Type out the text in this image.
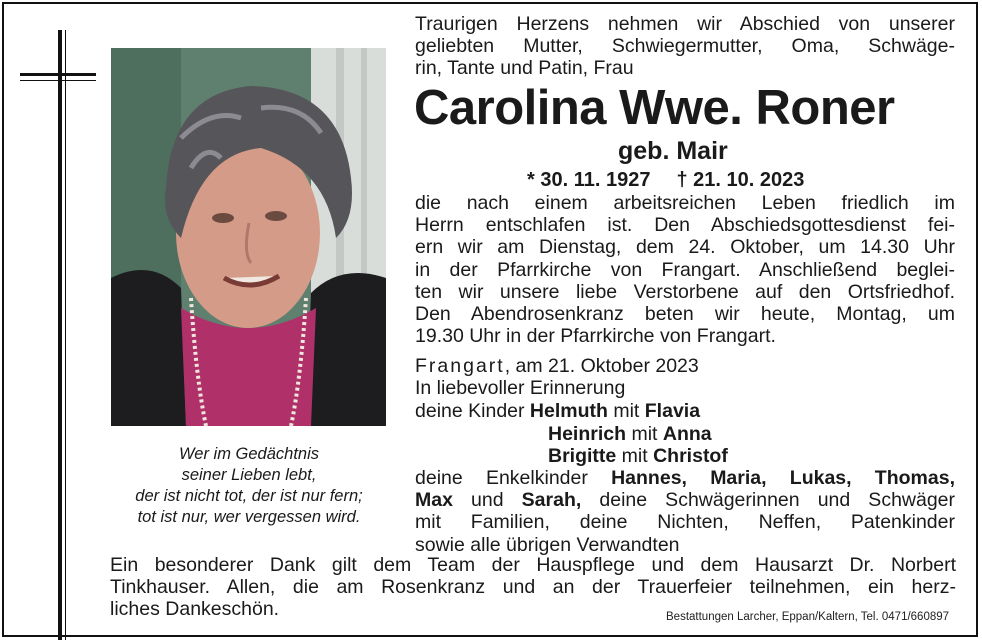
Wer im Gedächtnis
seiner Lieben lebt,
der ist nicht tot, der ist nur fern;
tot ist nur, wer vergessen wird.
Traurigen Herzens nehmen wir Abschied von unserer
geliebten Mutter, Schwiegermutter, Oma, Schwäge-
rin, Tante und Patin, Frau
Carolina Wwe. Roner
geb. Mair
* 30. 11. 1927 † 21. 10. 2023
die nach einem arbeitsreichen Leben friedlich im
Herrn entschlafen ist. Den Abschiedsgottesdienst fei-
ern wir am Dienstag, dem 24. Oktober, um 14.30 Uhr
in der Pfarrkirche von Frangart. Anschließend beglei-
ten wir unsere liebe Verstorbene auf den Ortsfriedhof.
Den Abendrosenkranz beten wir heute, Montag, um
19.30 Uhr in der Pfarrkirche von Frangart.
Frangart, am 21. Oktober 2023
In liebevoller Erinnerung
deine Kinder Helmuth mit Flavia
Heinrich mit Anna
Brigitte mit Christof
deine Enkelkinder Hannes, Maria, Lukas, Thomas,
Max und Sarah, deine Schwägerinnen und Schwäger
mit Familien, deine Nichten, Neffen, Patenkinder
sowie alle übrigen Verwandten
Ein besonderer Dank gilt dem Team der Hauspflege und dem Hausarzt Dr. Norbert
Tinkhauser. Allen, die am Rosenkranz und an der Trauerfeier teilnehmen, ein herz-
liches Dankeschön.	Bestattungen Larcher, Eppan/Kaltern, Tel. 0471/660897
